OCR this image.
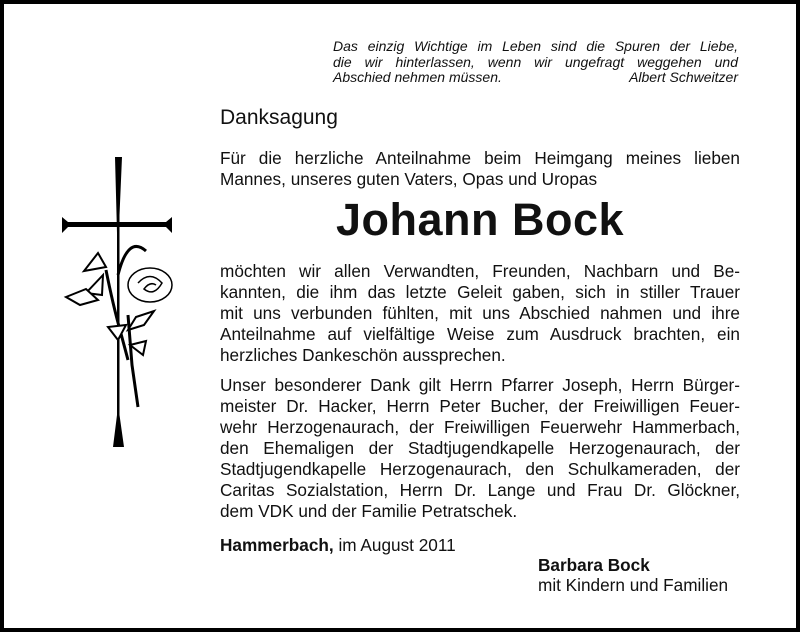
Das einzig Wichtige im Leben sind die Spuren der Liebe,
die wir hinterlassen, wenn wir ungefragt weggehen und
Abschied nehmen müssen.	Albert Schweitzer
Danksagung
Für die herzliche Anteilnahme beim Heimgang meines lieben
Mannes, unseres guten Vaters, Opas und Uropas
Johann Bock
möchten wir allen Verwandten, Freunden, Nachbarn und Be-
kannten, die ihm das letzte Geleit gaben, sich in stiller Trauer
mit uns verbunden fühlten, mit uns Abschied nahmen und ihre
Anteilnahme auf vielfältige Weise zum Ausdruck brachten, ein
herzliches Dankeschön aussprechen.
Unser besonderer Dank gilt Herrn Pfarrer Joseph, Herrn Bürger-
meister Dr. Hacker, Herrn Peter Bucher, der Freiwilligen Feuer-
wehr Herzogenaurach, der Freiwilligen Feuerwehr Hammerbach,
den Ehemaligen der Stadtjugendkapelle Herzogenaurach, der
Stadtjugendkapelle Herzogenaurach, den Schulkameraden, der
Caritas Sozialstation, Herrn Dr. Lange und Frau Dr. Glöckner,
dem VDK und der Familie Petratschek.
Hammerbach, im August 2011
Barbara Bock
mit Kindern und Familien
